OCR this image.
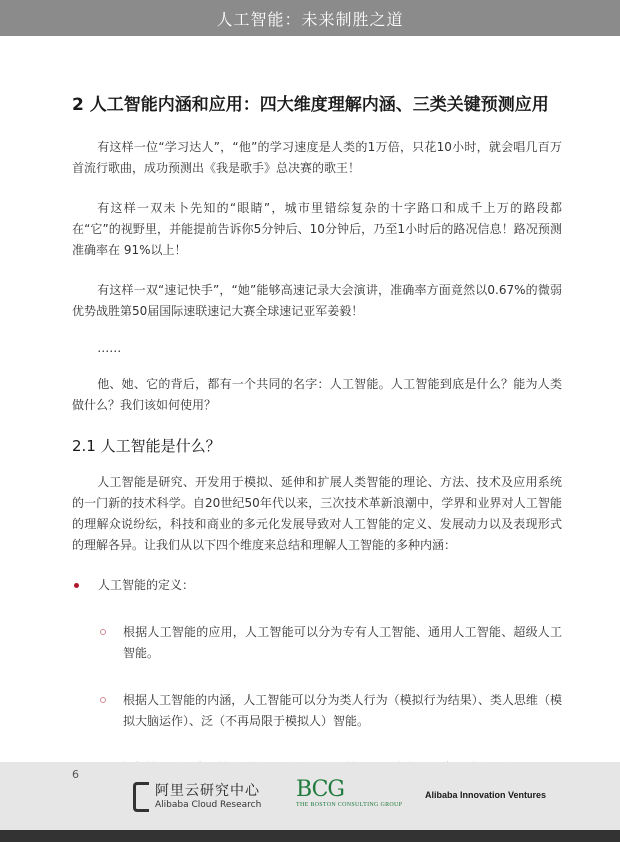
人工智能：未来制胜之道
2 人工智能内涵和应用：四大维度理解内涵、三类关键预测应用

有这样一位“学习达人”，“他”的学习速度是人类的1万倍，只花10小时，就会唱几百万首流行歌曲，成功预测出《我是歌手》总决赛的歌王！

有这样一双未卜先知的“眼睛”，城市里错综复杂的十字路口和成千上万的路段都在“它”的视野里，并能提前告诉你5分钟后、10分钟后，乃至1小时后的路况信息！路况预测准确率在 91%以上！

有这样一双“速记快手”，“她”能够高速记录大会演讲，准确率方面竟然以0.67%的微弱优势战胜第50届国际速联速记大赛全球速记亚军姜毅！

……

他、她、它的背后，都有一个共同的名字：人工智能。人工智能到底是什么？能为人类做什么？我们该如何使用？

2.1 人工智能是什么？

人工智能是研究、开发用于模拟、延伸和扩展人类智能的理论、方法、技术及应用系统的一门新的技术科学。自20世纪50年代以来，三次技术革新浪潮中，学界和业界对人工智能的理解众说纷纭，科技和商业的多元化发展导致对人工智能的定义、发展动力以及表现形式的理解各异。让我们从以下四个维度来总结和理解人工智能的多种内涵：

人工智能的定义：
根据人工智能的应用，人工智能可以分为专有人工智能、通用人工智能、超级人工智能。
根据人工智能的内涵，人工智能可以分为类人行为（模拟行为结果）、类人思维（模拟大脑运作）、泛（不再局限于模拟人）智能。
6
阿里云研究中心
Alibaba Cloud Research
BCG
THE BOSTON CONSULTING GROUP
Alibaba Innovation Ventures
